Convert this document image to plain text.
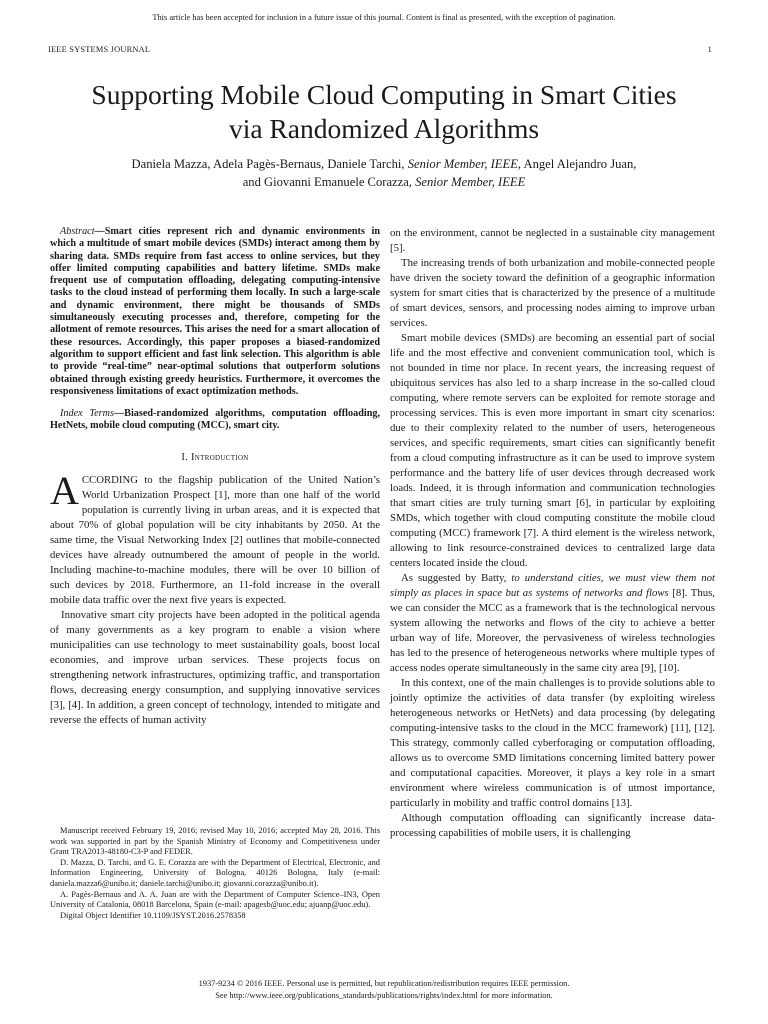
This article has been accepted for inclusion in a future issue of this journal. Content is final as presented, with the exception of pagination.
IEEE SYSTEMS JOURNAL	1
Supporting Mobile Cloud Computing in Smart Cities
via Randomized Algorithms
Daniela Mazza, Adela Pagès-Bernaus, Daniele Tarchi, Senior Member, IEEE, Angel Alejandro Juan,
and Giovanni Emanuele Corazza, Senior Member, IEEE

Abstract—Smart cities represent rich and dynamic environments in which a multitude of smart mobile devices (SMDs) interact among them by sharing data. SMDs require from fast access to online services, but they offer limited computing capabilities and battery lifetime. SMDs make frequent use of computation offloading, delegating computing-intensive tasks to the cloud instead of performing them locally. In such a large-scale and dynamic environment, there might be thousands of SMDs simultaneously executing processes and, therefore, competing for the allotment of remote resources. This arises the need for a smart allocation of these resources. Accordingly, this paper proposes a biased-randomized algorithm to support efficient and fast link selection. This algorithm is able to provide “real-time” near-optimal solutions that outperform solutions obtained through existing greedy heuristics. Furthermore, it overcomes the responsiveness limitations of exact optimization methods.

Index Terms—Biased-randomized algorithms, computation offloading, HetNets, mobile cloud computing (MCC), smart city.

I. Introduction

ACCORDING to the flagship publication of the United Nation’s World Urbanization Prospect [1], more than one half of the world population is currently living in urban areas, and it is expected that about 70% of global population will be city inhabitants by 2050. At the same time, the Visual Networking Index [2] outlines that mobile-connected devices have already outnumbered the amount of people in the world. Including machine-to-machine modules, there will be over 10 billion of such devices by 2018. Furthermore, an 11-fold increase in the overall mobile data traffic over the next five years is expected.

Innovative smart city projects have been adopted in the political agenda of many governments as a key program to enable a vision where municipalities can use technology to meet sustainability goals, boost local economies, and improve urban services. These projects focus on strengthening network infrastructures, optimizing traffic, and transportation flows, decreasing energy consumption, and supplying innovative services [3], [4]. In addition, a green concept of technology, intended to mitigate and reverse the effects of human activity

on the environment, cannot be neglected in a sustainable city management [5].

The increasing trends of both urbanization and mobile-connected people have driven the society toward the definition of a geographic information system for smart cities that is characterized by the presence of a multitude of smart devices, sensors, and processing nodes aiming to improve urban services.

Smart mobile devices (SMDs) are becoming an essential part of social life and the most effective and convenient communication tool, which is not bounded in time nor place. In recent years, the increasing request of ubiquitous services has also led to a sharp increase in the so-called cloud computing, where remote servers can be exploited for remote storage and processing services. This is even more important in smart city scenarios: due to their complexity related to the number of users, heterogeneous services, and specific requirements, smart cities can significantly benefit from a cloud computing infrastructure as it can be used to improve system performance and the battery life of user devices through decreased work loads. Indeed, it is through information and communication technologies that smart cities are truly turning smart [6], in particular by exploiting SMDs, which together with cloud computing constitute the mobile cloud computing (MCC) framework [7]. A third element is the wireless network, allowing to link resource-constrained devices to centralized large data centers located inside the cloud.

As suggested by Batty, to understand cities, we must view them not simply as places in space but as systems of networks and flows [8]. Thus, we can consider the MCC as a framework that is the technological nervous system allowing the networks and flows of the city to achieve a better urban way of life. Moreover, the pervasiveness of wireless technologies has led to the presence of heterogeneous networks where multiple types of access nodes operate simultaneously in the same city area [9], [10].

In this context, one of the main challenges is to provide solutions able to jointly optimize the activities of data transfer (by exploiting wireless heterogeneous networks or HetNets) and data processing (by delegating computing-intensive tasks to the cloud in the MCC framework) [11], [12]. This strategy, commonly called cyberforaging or computation offloading, allows us to overcome SMD limitations concerning limited battery power and computational capacities. Moreover, it plays a key role in a smart environment where wireless communication is of utmost importance, particularly in mobility and traffic control domains [13].

Although computation offloading can significantly increase data-processing capabilities of mobile users, it is challenging

Manuscript received February 19, 2016; revised May 10, 2016; accepted May 28, 2016. This work was supported in part by the Spanish Ministry of Economy and Competitiveness under Grant TRA2013-48180-C3-P and FEDER.

D. Mazza, D. Tarchi, and G. E. Corazza are with the Department of Electrical, Electronic, and Information Engineering, University of Bologna, 40126 Bologna, Italy (e-mail: daniela.mazza6@unibo.it; daniele.tarchi@unibo.it; giovanni.corazza@unibo.it).

A. Pagès-Bernaus and A. A. Juan are with the Department of Computer Science–IN3, Open University of Catalonia, 08018 Barcelona, Spain (e-mail: apagesb@uoc.edu; ajuanp@uoc.edu).

Digital Object Identifier 10.1109/JSYST.2016.2578358

1937-9234 © 2016 IEEE. Personal use is permitted, but republication/redistribution requires IEEE permission.
See http://www.ieee.org/publications_standards/publications/rights/index.html for more information.
